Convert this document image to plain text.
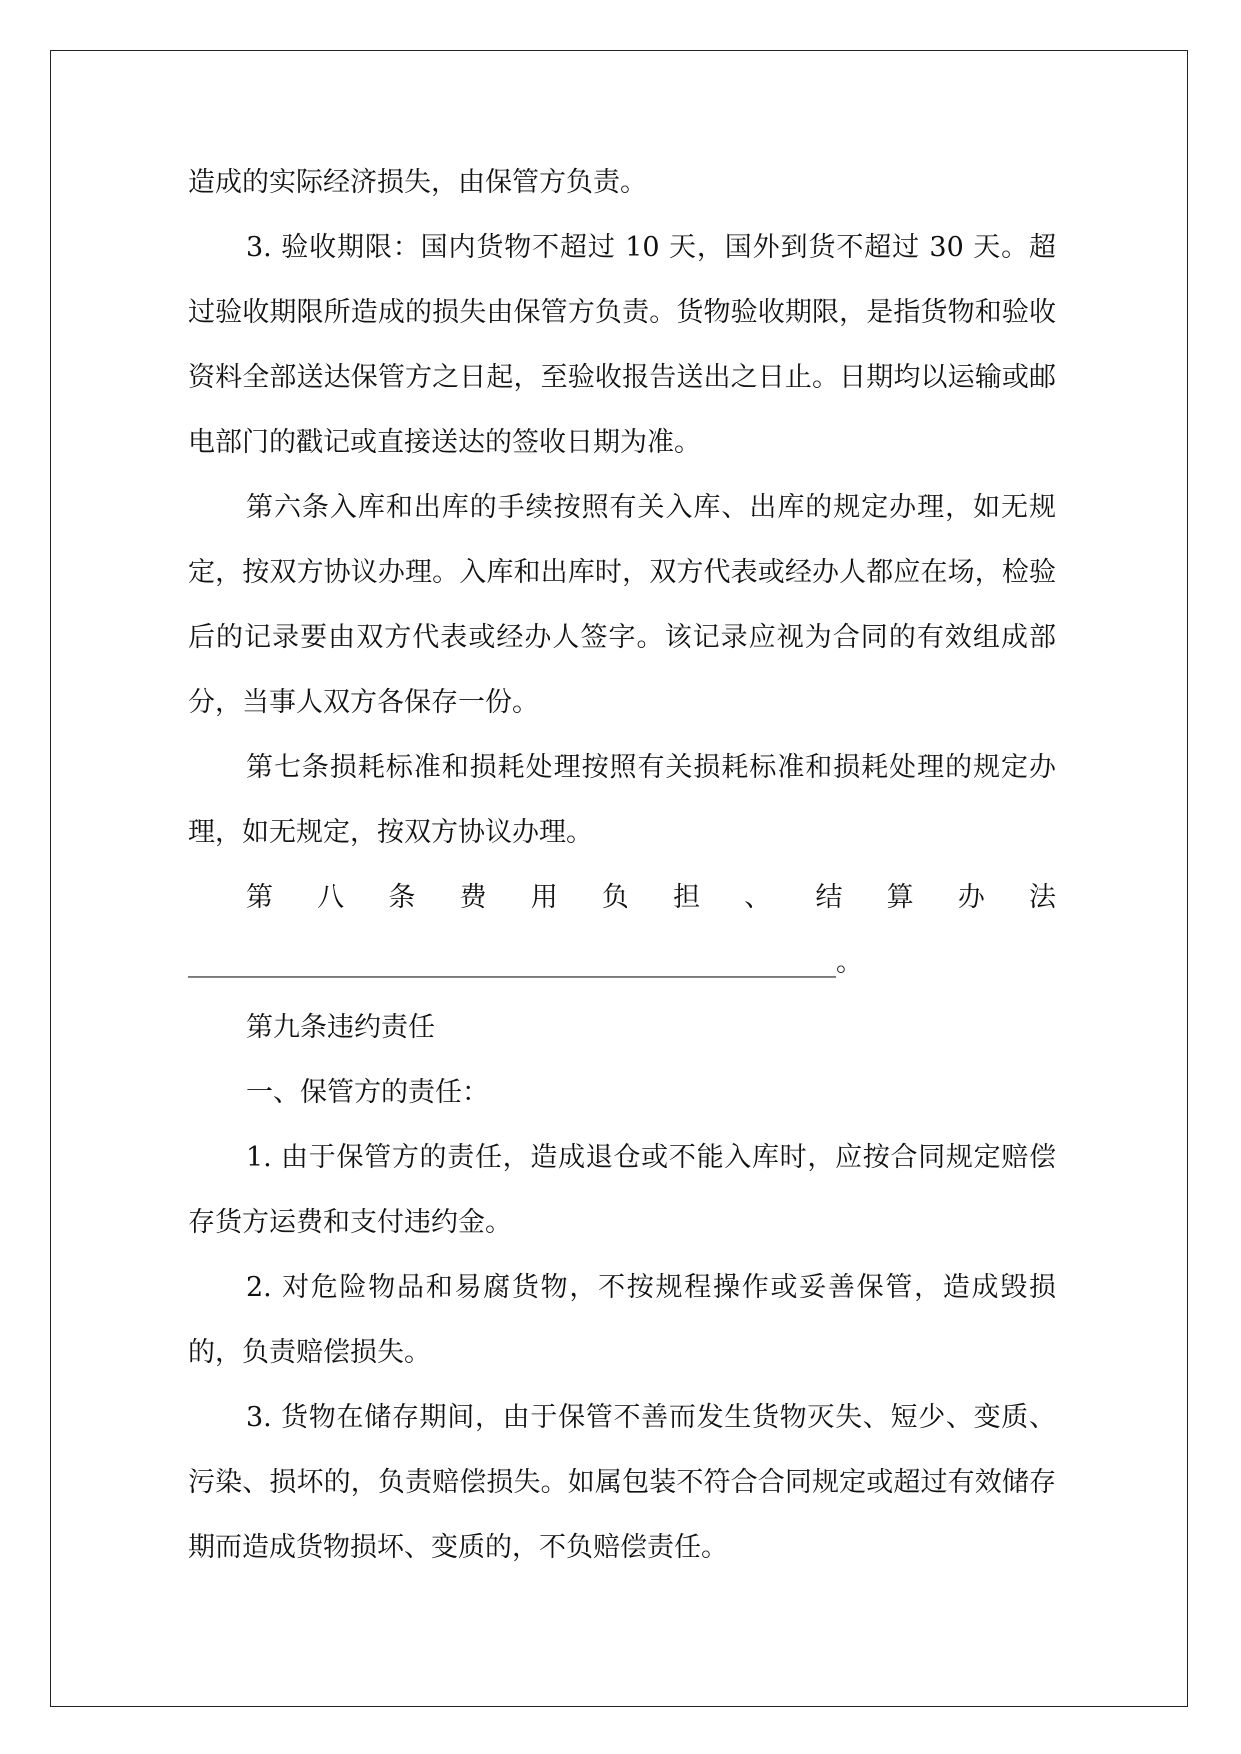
造成的实际经济损失，由保管方负责。

3. 验收期限：国内货物不超过 10 天，国外到货不超过 30 天。超过验收期限所造成的损失由保管方负责。货物验收期限，是指货物和验收资料全部送达保管方之日起，至验收报告送出之日止。日期均以运输或邮电部门的戳记或直接送达的签收日期为准。

第六条入库和出库的手续按照有关入库、出库的规定办理，如无规定，按双方协议办理。入库和出库时，双方代表或经办人都应在场，检验后的记录要由双方代表或经办人签字。该记录应视为合同的有效组成部分，当事人双方各保存一份。

第七条损耗标准和损耗处理按照有关损耗标准和损耗处理的规定办理，如无规定，按双方协议办理。

第八条费用负担、结算办法________________________________________________。

第九条违约责任

一、保管方的责任：

1. 由于保管方的责任，造成退仓或不能入库时，应按合同规定赔偿存货方运费和支付违约金。

2. 对危险物品和易腐货物，不按规程操作或妥善保管，造成毁损的，负责赔偿损失。

3. 货物在储存期间，由于保管不善而发生货物灭失、短少、变质、污染、损坏的，负责赔偿损失。如属包装不符合合同规定或超过有效储存期而造成货物损坏、变质的，不负赔偿责任。
